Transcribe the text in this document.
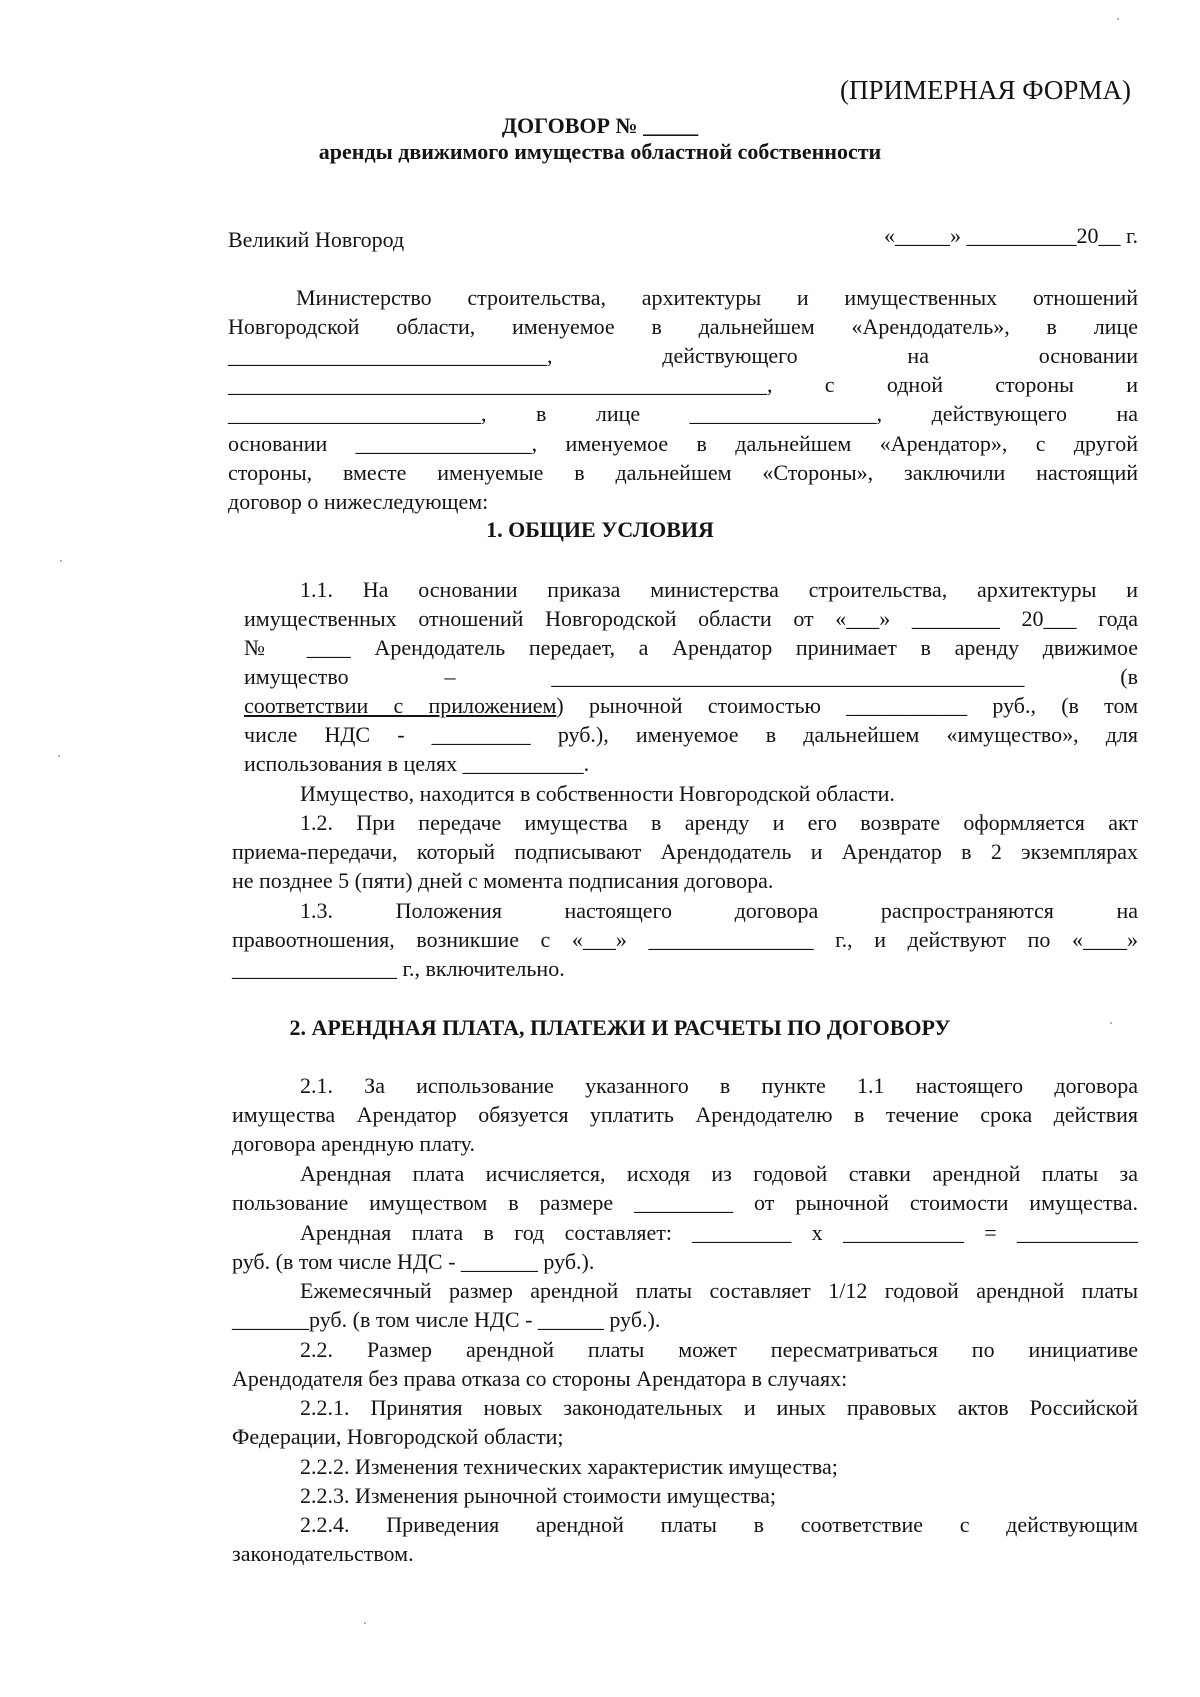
(ПРИМЕРНАЯ ФОРМА)
ДОГОВОР № _____
аренды движимого имущества областной собственности
Великий Новгород	«_____» __________20__ г.
Министерство строительства, архитектуры и имущественных отношений
Новгородской области, именуемое в дальнейшем «Арендодатель», в лице
_____________________________, действующего на основании
_________________________________________________, с одной стороны и
_______________________, в лице _________________, действующего на
основании ________________, именуемое в дальнейшем «Арендатор», с другой
стороны, вместе именуемые в дальнейшем «Стороны», заключили настоящий
договор о нижеследующем:
1. ОБЩИЕ УСЛОВИЯ
1.1. На основании приказа министерства строительства, архитектуры и
имущественных отношений Новгородской области от «___» ________ 20___ года
№ ____ Арендодатель передает, а Арендатор принимает в аренду движимое
имущество – ___________________________________________ (в
соответствии с приложением) рыночной стоимостью ___________ руб., (в том
числе НДС - _________ руб.), именуемое в дальнейшем «имущество», для
использования в целях ___________.
Имущество, находится в собственности Новгородской области.
1.2. При передаче имущества в аренду и его возврате оформляется акт
приема-передачи, который подписывают Арендодатель и Арендатор в 2 экземплярах
не позднее 5 (пяти) дней с момента подписания договора.
1.3. Положения настоящего договора распространяются на
правоотношения, возникшие с «___» _______________ г., и действуют по «____»
_______________ г., включительно.
2. АРЕНДНАЯ ПЛАТА, ПЛАТЕЖИ И РАСЧЕТЫ ПО ДОГОВОРУ
2.1. За использование указанного в пункте 1.1 настоящего договора
имущества Арендатор обязуется уплатить Арендодателю в течение срока действия
договора арендную плату.
Арендная плата исчисляется, исходя из годовой ставки арендной платы за
пользование имуществом в размере _________ от рыночной стоимости имущества.
Арендная плата в год составляет: _________ х ___________ = ___________
руб. (в том числе НДС - _______ руб.).
Ежемесячный размер арендной платы составляет 1/12 годовой арендной платы
_______руб. (в том числе НДС - ______ руб.).
2.2. Размер арендной платы может пересматриваться по инициативе
Арендодателя без права отказа со стороны Арендатора в случаях:
2.2.1. Принятия новых законодательных и иных правовых актов Российской
Федерации, Новгородской области;
2.2.2. Изменения технических характеристик имущества;
2.2.3. Изменения рыночной стоимости имущества;
2.2.4. Приведения арендной платы в соответствие с действующим
законодательством.
